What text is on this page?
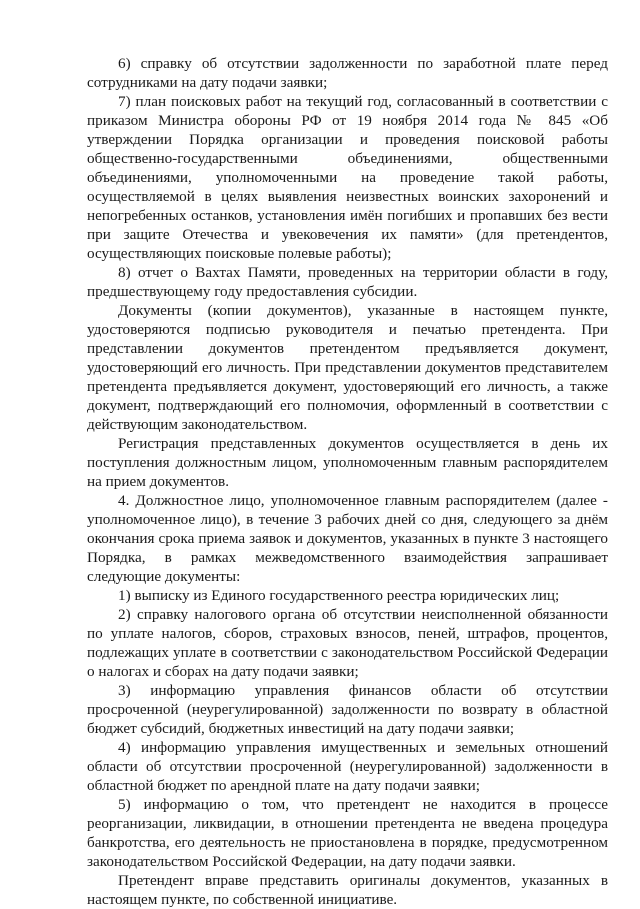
6) справку об отсутствии задолженности по заработной плате перед сотрудниками на дату подачи заявки;

7) план поисковых работ на текущий год, согласованный в соответствии с приказом Министра обороны РФ от 19 ноября 2014 года № 845 «Об утверждении Порядка организации и проведения поисковой работы общественно-государственными объединениями, общественными объединениями, уполномоченными на проведение такой работы, осуществляемой в целях выявления неизвестных воинских захоронений и непогребенных останков, установления имён погибших и пропавших без вести при защите Отечества и увековечения их памяти» (для претендентов, осуществляющих поисковые полевые работы);

8) отчет о Вахтах Памяти, проведенных на территории области в году, предшествующему году предоставления субсидии.

Документы (копии документов), указанные в настоящем пункте, удостоверяются подписью руководителя и печатью претендента. При представлении документов претендентом предъявляется документ, удостоверяющий его личность. При представлении документов представителем претендента предъявляется документ, удостоверяющий его личность, а также документ, подтверждающий его полномочия, оформленный в соответствии с действующим законодательством.

Регистрация представленных документов осуществляется в день их поступления должностным лицом, уполномоченным главным распорядителем на прием документов.

4. Должностное лицо, уполномоченное главным распорядителем (далее - уполномоченное лицо), в течение 3 рабочих дней со дня, следующего за днём окончания срока приема заявок и документов, указанных в пункте 3 настоящего Порядка, в рамках межведомственного взаимодействия запрашивает следующие документы:

1) выписку из Единого государственного реестра юридических лиц;

2) справку налогового органа об отсутствии неисполненной обязанности по уплате налогов, сборов, страховых взносов, пеней, штрафов, процентов, подлежащих уплате в соответствии с законодательством Российской Федерации о налогах и сборах на дату подачи заявки;

3) информацию управления финансов области об отсутствии просроченной (неурегулированной) задолженности по возврату в областной бюджет субсидий, бюджетных инвестиций на дату подачи заявки;

4) информацию управления имущественных и земельных отношений области об отсутствии просроченной (неурегулированной) задолженности в областной бюджет по арендной плате на дату подачи заявки;

5) информацию о том, что претендент не находится в процессе реорганизации, ликвидации, в отношении претендента не введена процедура банкротства, его деятельность не приостановлена в порядке, предусмотренном законодательством Российской Федерации, на дату подачи заявки.

Претендент вправе представить оригиналы документов, указанных в настоящем пункте, по собственной инициативе.
